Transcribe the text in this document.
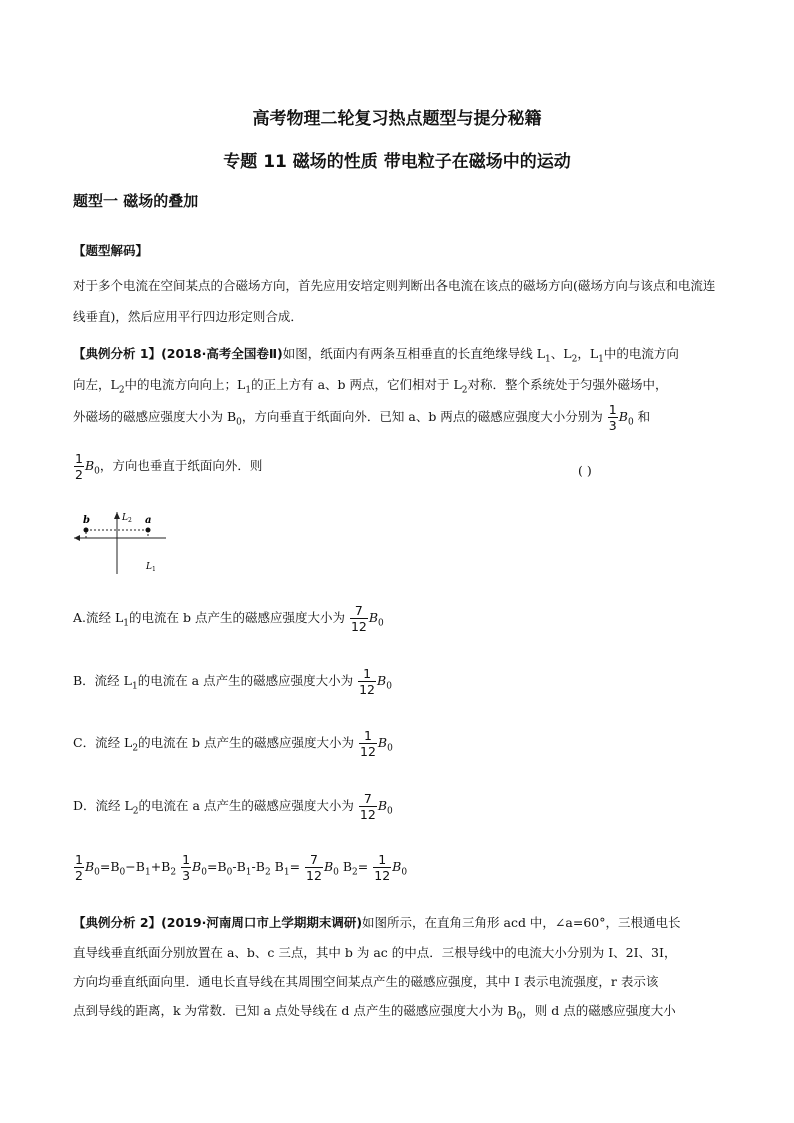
高考物理二轮复习热点题型与提分秘籍
专题 11 磁场的性质 带电粒子在磁场中的运动
题型一 磁场的叠加
【题型解码】
对于多个电流在空间某点的合磁场方向，首先应用安培定则判断出各电流在该点的磁场方向(磁场方向与该点和电流连线垂直)，然后应用平行四边形定则合成．
【典例分析 1】(2018·高考全国卷Ⅱ)如图，纸面内有两条互相垂直的长直绝缘导线 $L_1$、$L_2$，$L_1$中的电流方向
向左，$L_2$中的电流方向向上；$L_1$的正上方有 a、b 两点，它们相对于 $L_2$对称．整个系统处于匀强外磁场中，
外磁场的磁感应强度大小为 $B_0$，方向垂直于纸面向外．已知 a、b 两点的磁感应强度大小分别为 $\frac{1}{3} B_0$ 和
$\frac{1}{2} B_0$，方向也垂直于纸面向外．则	( )
b	a
L 2
L 1
A.流经 $L_1$的电流在 b 点产生的磁感应强度大小为 $\frac{7}{12} B_0$
B．流经 $L_1$的电流在 a 点产生的磁感应强度大小为 $\frac{1}{12} B_0$
C．流经 $L_2$的电流在 b 点产生的磁感应强度大小为 $\frac{1}{12} B_0$
D．流经 $L_2$的电流在 a 点产生的磁感应强度大小为 $\frac{7}{12} B_0$
$\frac{1}{2} B_0=B_0-B_1+B_2 \frac{1}{3} B_0=B_0-B_1-B_2$ $B_1= \frac{7}{12} B_0$ $B_2= \frac{1}{12} B_0$
【典例分析 2】(2019·河南周口市上学期期末调研)如图所示，在直角三角形 acd 中，∠a=60°，三根通电长
直导线垂直纸面分别放置在 a、b、c 三点，其中 b 为 ac 的中点．三根导线中的电流大小分别为 I、2I、3I，
方向均垂直纸面向里．通电长直导线在其周围空间某点产生的磁感应强度，其中 I 表示电流强度，r 表示该
点到导线的距离，k 为常数．已知 a 点处导线在 d 点产生的磁感应强度大小为 $B_0$，则 d 点的磁感应强度大小
